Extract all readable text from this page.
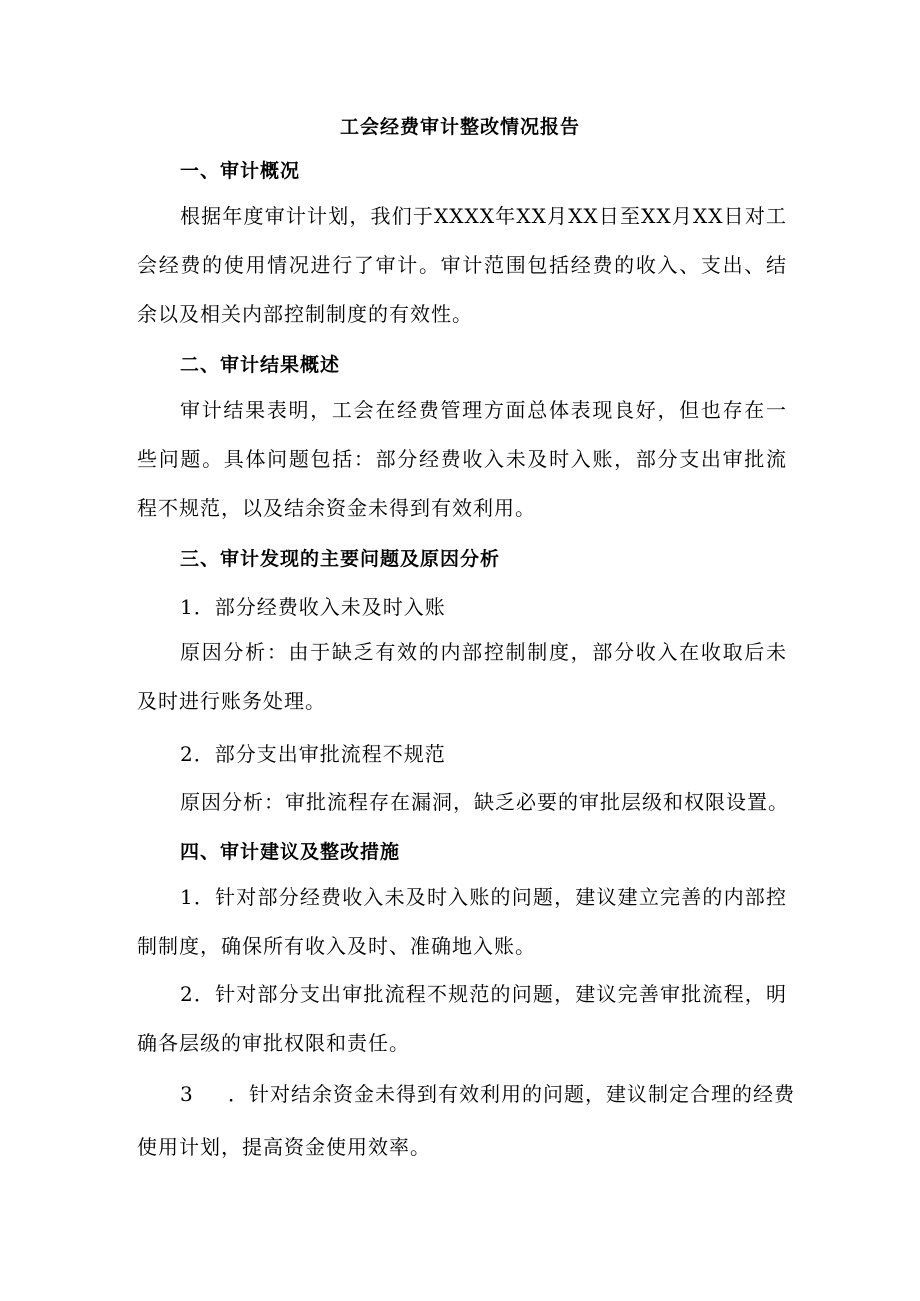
工会经费审计整改情况报告
一、审计概况

根据年度审计计划，我们于XXXX年XX月XX日至XX月XX日对工会经费的使用情况进行了审计。审计范围包括经费的收入、支出、结余以及相关内部控制制度的有效性。

二、审计结果概述

审计结果表明，工会在经费管理方面总体表现良好，但也存在一些问题。具体问题包括：部分经费收入未及时入账，部分支出审批流程不规范，以及结余资金未得到有效利用。

三、审计发现的主要问题及原因分析
1．部分经费收入未及时入账

原因分析：由于缺乏有效的内部控制制度，部分收入在收取后未及时进行账务处理。

2．部分支出审批流程不规范
原因分析：审批流程存在漏洞，缺乏必要的审批层级和权限设置。
四、审计建议及整改措施

1．针对部分经费收入未及时入账的问题，建议建立完善的内部控制制度，确保所有收入及时、准确地入账。

2．针对部分支出审批流程不规范的问题，建议完善审批流程，明确各层级的审批权限和责任。

3	．针对结余资金未得到有效利用的问题，建议制定合理的经费
使用计划，提高资金使用效率。
